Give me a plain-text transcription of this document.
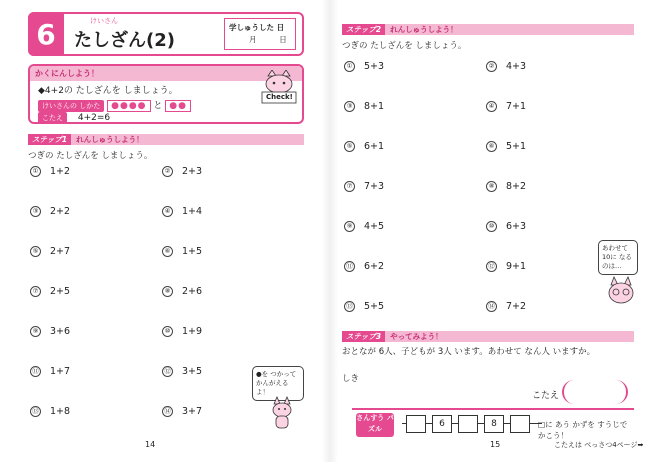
6	けいさん
たしざん(2)
学しゅうした 日
月	日
かくにんしよう！
◆4+2の たしざんを しましょう。
けいさんの しかた ●●●● と ●●
こたえ 4+2=6
Check!
ステップ1	れんしゅうしよう！
つぎの たしざんを しましょう。
① 1+2	② 2+3
③ 2+2	④ 1+4
⑤ 2+7	⑥ 1+5
⑦ 2+5	⑧ 2+6
⑨ 3+6	⑩ 1+9
⑪ 1+7	⑫ 3+5
⑬ 1+8	⑭ 3+7
●を つかって かんがえるよ！
14
ステップ2	れんしゅうしよう！
つぎの たしざんを しましょう。
① 5+3	② 4+3
③ 8+1	④ 7+1
⑤ 6+1	⑥ 5+1
⑦ 7+3	⑧ 8+2
⑨ 4+5	⑩ 6+3
⑪ 6+2	⑫ 9+1
⑬ 5+5	⑭ 7+2
あわせて 10に なるのは…
ステップ3	やってみよう！
おとなが 6人、子どもが 3人 います。あわせて なん人 いますか。
しき
こたえ
さんすう パズル	6	8	□に あう かずを すうじで かこう！
15	こたえは べっさつ4ページ➡
